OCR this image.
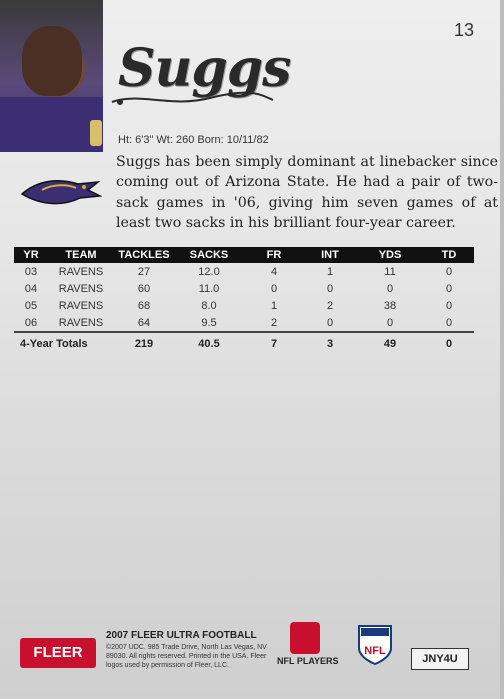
13
Suggs
Ht: 6'3" Wt: 260 Born: 10/11/82
Suggs has been simply dominant at linebacker since coming out of Arizona State. He had a pair of two-sack games in '06, giving him seven games of at least two sacks in his brilliant four-year career.
YR	TEAM	TACKLES	SACKS	FR	INT	YDS	TD
03	RAVENS	27	12.0	4	1	11	0
04	RAVENS	60	11.0	0	0	0	0
05	RAVENS	68	8.0	1	2	38	0
06	RAVENS	64	9.5	2	0	0	0
4-Year Totals		219	40.5	7	3	49	0
FLEER
2007 FLEER ULTRA FOOTBALL
©2007 UDC. 985 Trade Drive, North Las Vegas, NV 89030. All rights reserved. Printed in the USA. Fleer logos used by permission of Fleer, LLC.	NFL PLAYERS
NFL
JNY4U
